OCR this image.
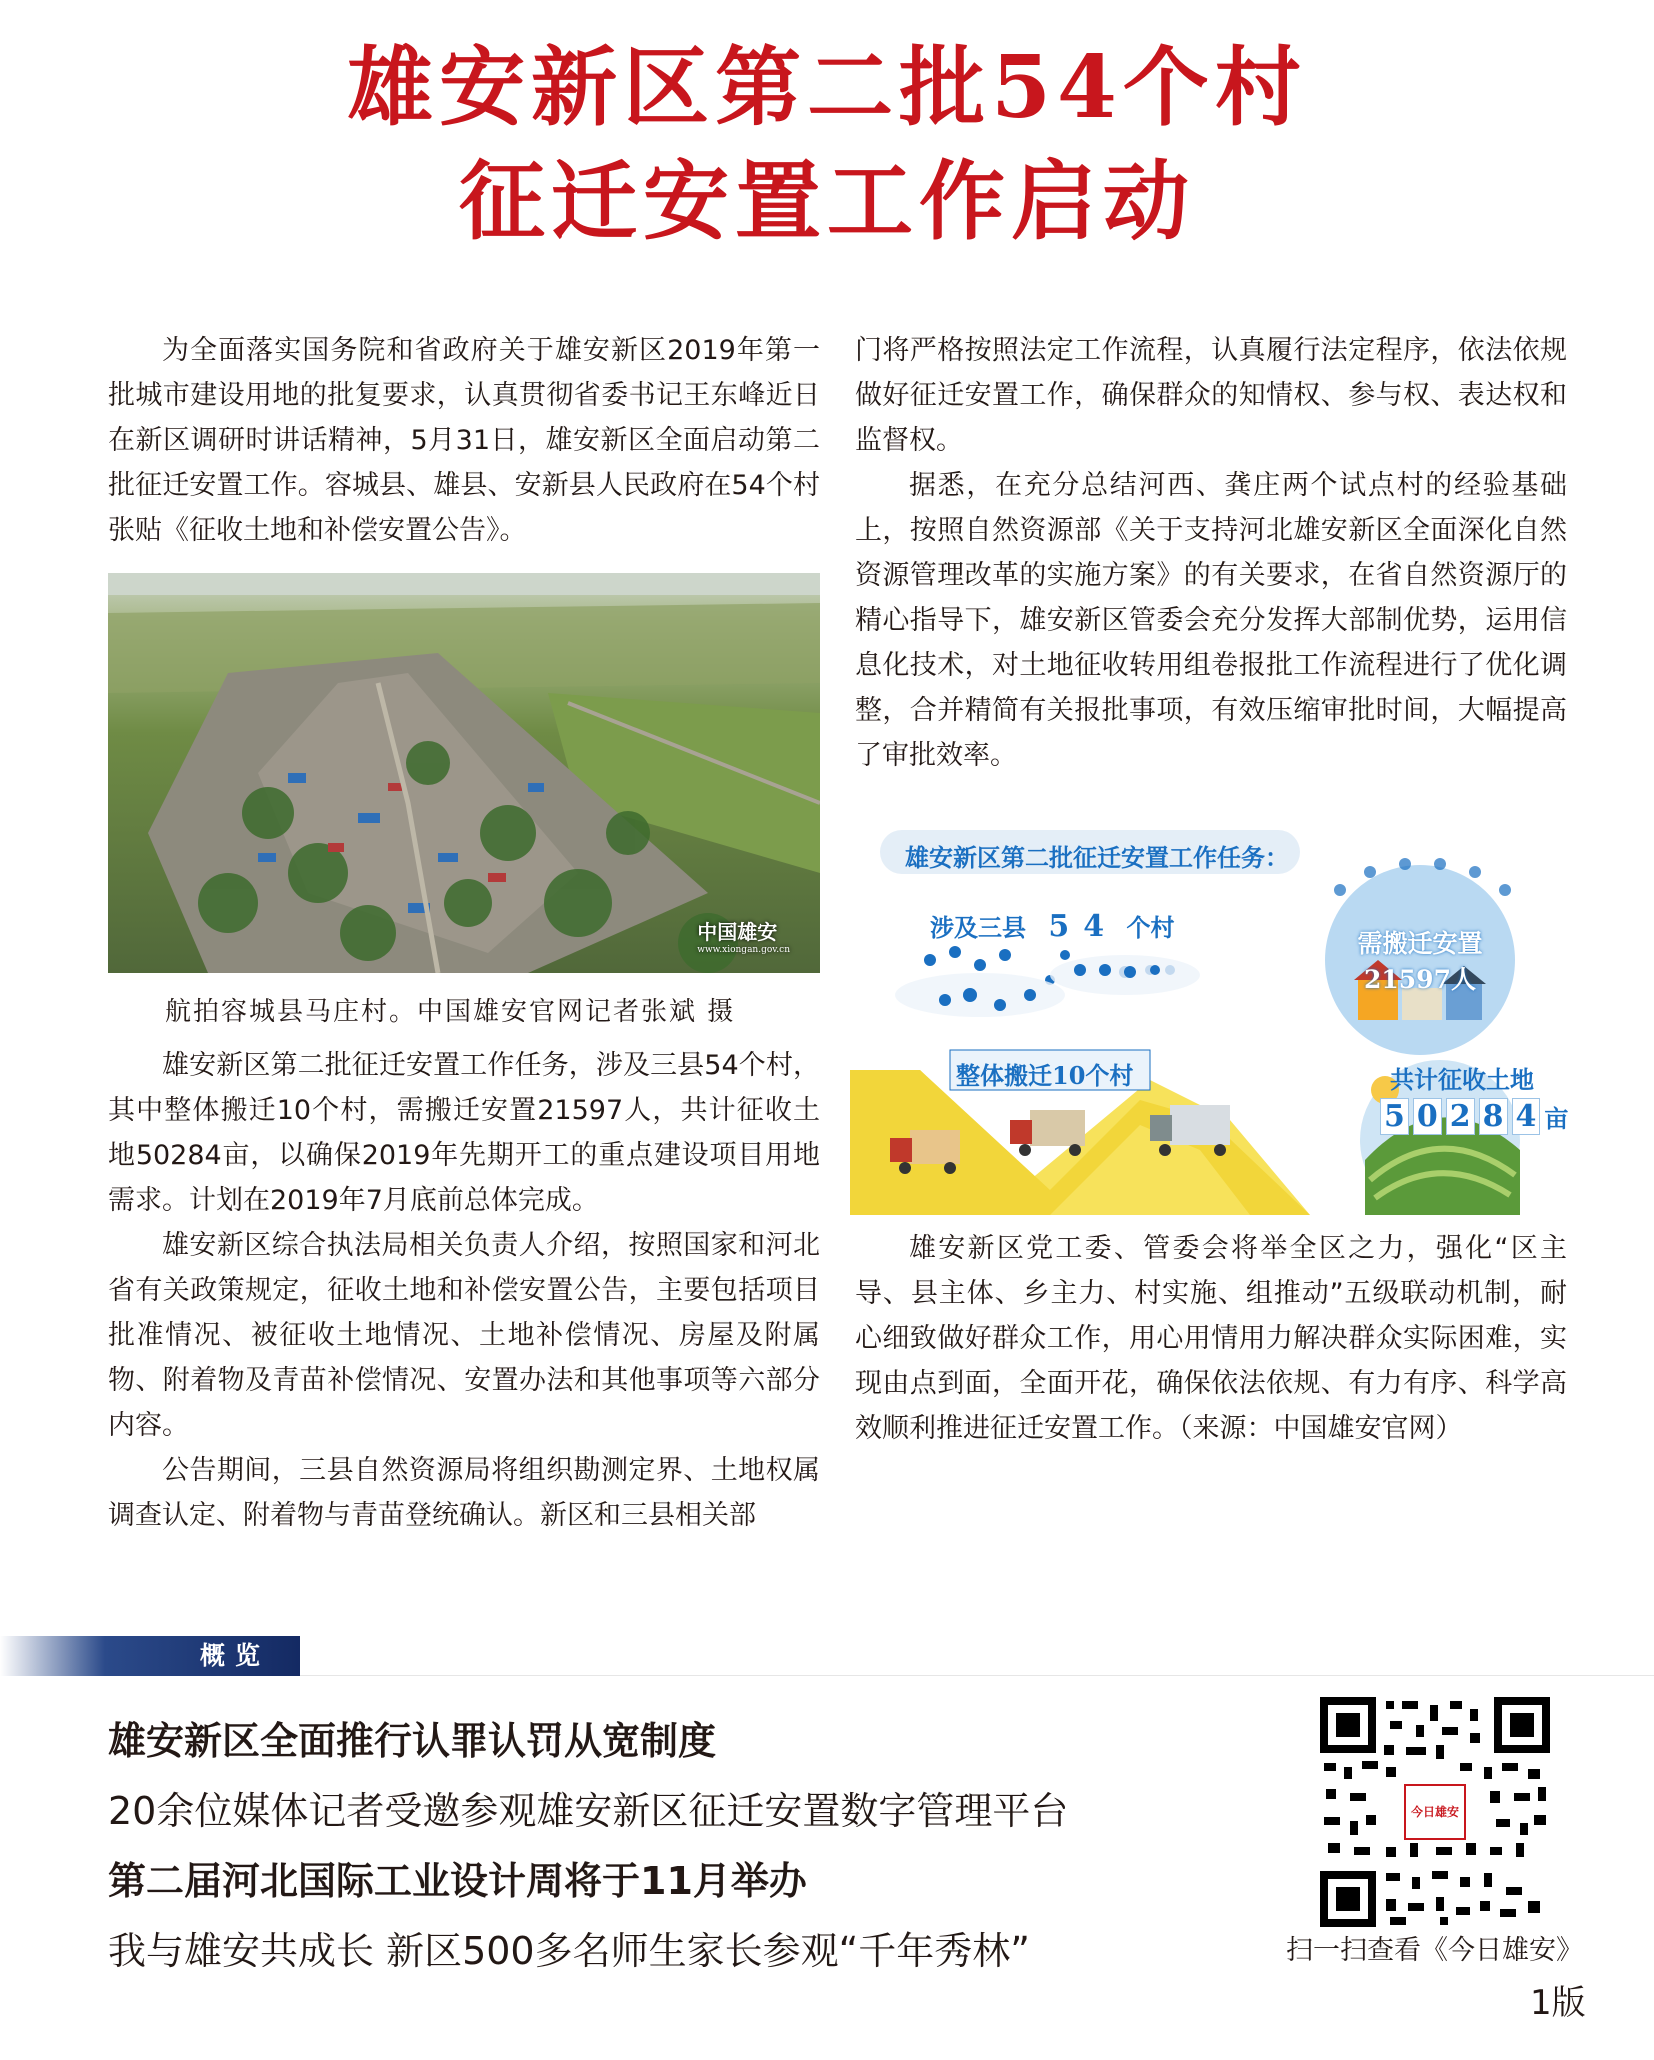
雄安新区第二批54个村
征迁安置工作启动

为全面落实国务院和省政府关于雄安新区2019年第一批城市建设用地的批复要求，认真贯彻省委书记王东峰近日在新区调研时讲话精神，5月31日，雄安新区全面启动第二批征迁安置工作。容城县、雄县、安新县人民政府在54个村张贴《征收土地和补偿安置公告》。

中国雄安
www.xiongan.gov.cn
航拍容城县马庄村。中国雄安官网记者张斌 摄

雄安新区第二批征迁安置工作任务，涉及三县54个村，其中整体搬迁10个村，需搬迁安置21597人，共计征收土地50284亩，以确保2019年先期开工的重点建设项目用地需求。计划在2019年7月底前总体完成。

雄安新区综合执法局相关负责人介绍，按照国家和河北省有关政策规定，征收土地和补偿安置公告，主要包括项目批准情况、被征收土地情况、土地补偿情况、房屋及附属物、附着物及青苗补偿情况、安置办法和其他事项等六部分内容。

公告期间，三县自然资源局将组织勘测定界、土地权属调查认定、附着物与青苗登统确认。新区和三县相关部

门将严格按照法定工作流程，认真履行法定程序，依法依规做好征迁安置工作，确保群众的知情权、参与权、表达权和监督权。

据悉，在充分总结河西、龚庄两个试点村的经验基础上，按照自然资源部《关于支持河北雄安新区全面深化自然资源管理改革的实施方案》的有关要求，在省自然资源厅的精心指导下，雄安新区管委会充分发挥大部制优势，运用信息化技术，对土地征收转用组卷报批工作流程进行了优化调整，合并精简有关报批事项，有效压缩审批时间，大幅提高了审批效率。

雄安新区第二批征迁安置工作任务：
涉及三县 54 个村
需搬迁安置
21597人
整体搬迁10个村	共计征收土地
5 0 2 8 4 亩

雄安新区党工委、管委会将举全区之力，强化“区主导、县主体、乡主力、村实施、组推动”五级联动机制，耐心细致做好群众工作，用心用情用力解决群众实际困难，实现由点到面，全面开花，确保依法依规、有力有序、科学高效顺利推进征迁安置工作。（来源：中国雄安官网）

概览

雄安新区全面推行认罪认罚从宽制度

20余位媒体记者受邀参观雄安新区征迁安置数字管理平台

第二届河北国际工业设计周将于11月举办

我与雄安共成长 新区500多名师生家长参观“千年秀林”

今日雄安
扫一扫查看《今日雄安》
1版
